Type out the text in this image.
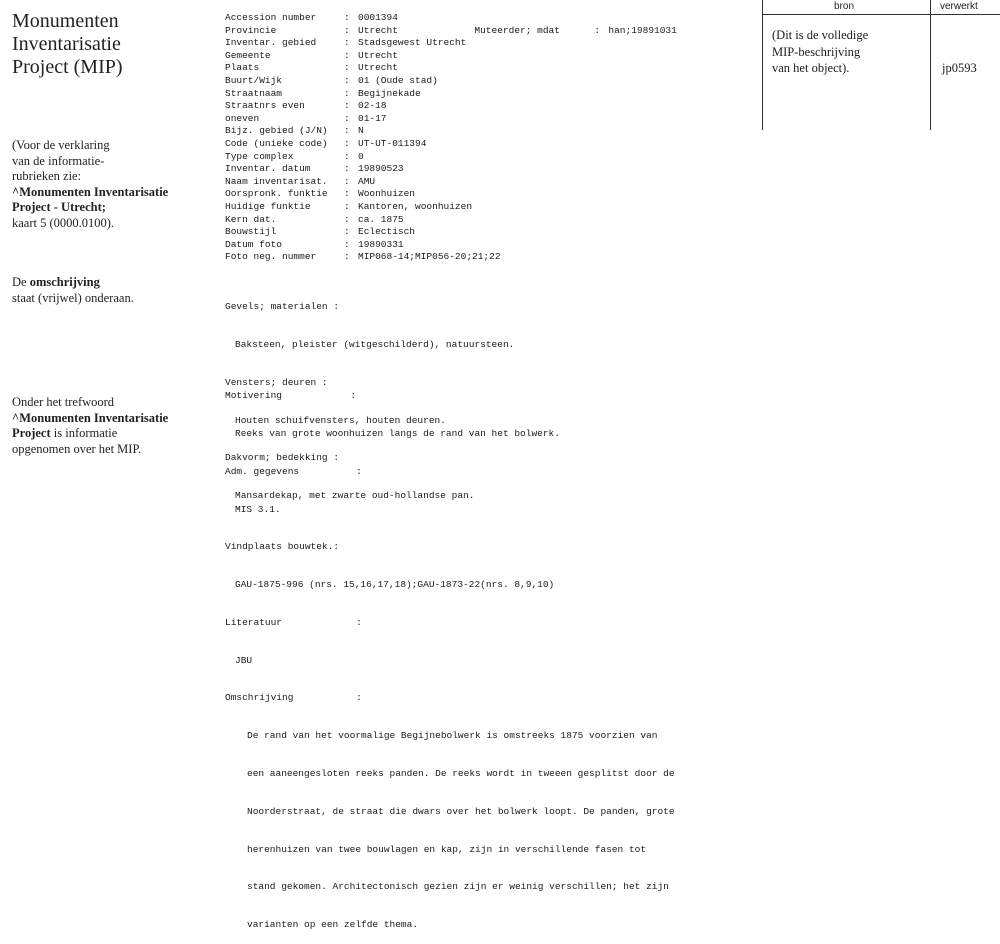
Monumenten
Inventarisatie
Project (MIP)
(Voor de verklaring
van de informatie-
rubrieken zie:
^Monumenten Inventarisatie
Project - Utrecht;
kaart 5 (0000.0100).
De omschrijving
staat (vrijwel) onderaan.
Onder het trefwoord
^Monumenten Inventarisatie
Project is informatie
opgenomen over het MIP.
Accession number	: 0001394
Provincie	: Utrecht
Inventar. gebied	: Stadsgewest Utrecht
Gemeente	: Utrecht
Plaats	: Utrecht
Buurt/Wijk	: 01 (Oude stad)
Straatnaam	: Begijnekade
Straatnrs even	: 02-18
oneven	: 01-17
Bijz. gebied (J/N)	: N
Code (unieke code)	: UT-UT-011394
Type complex	: 0
Inventar. datum	: 19890523
Naam inventarisat.	: AMU
Oorspronk. funktie	: Woonhuizen
Huidige funktie	: Kantoren, woonhuizen
Kern dat.	: ca. 1875
Bouwstijl	: Eclectisch
Datum foto	: 19890331
Foto neg. nummer	: MIP068-14;MIP056-20;21;22

Muteerder; mdat	: han;19891031

Gevels; materialen :

Baksteen, pleister (witgeschilderd), natuursteen.

Vensters; deuren :

Houten schuifvensters, houten deuren.

Dakvorm; bedekking :

Mansardekap, met zwarte oud-hollandse pan.

Motivering            :

Reeks van grote woonhuizen langs de rand van het bolwerk.

Adm. gegevens          :

MIS 3.1.

Vindplaats bouwtek.:

GAU-1875-996 (nrs. 15,16,17,18);GAU-1873-22(nrs. 8,9,10)

Literatuur             :

JBU

Omschrijving           :

De rand van het voormalige Begijnebolwerk is omstreeks 1875 voorzien van

een aaneengesloten reeks panden. De reeks wordt in tweeen gesplitst door de

Noorderstraat, de straat die dwars over het bolwerk loopt. De panden, grote

herenhuizen van twee bouwlagen en kap, zijn in verschillende fasen tot

stand gekomen. Architectonisch gezien zijn er weinig verschillen; het zijn

varianten op een zelfde thema.

bron	verwerkt
(Dit is de volledige
MIP-beschrijving
van het object).	jp0593
